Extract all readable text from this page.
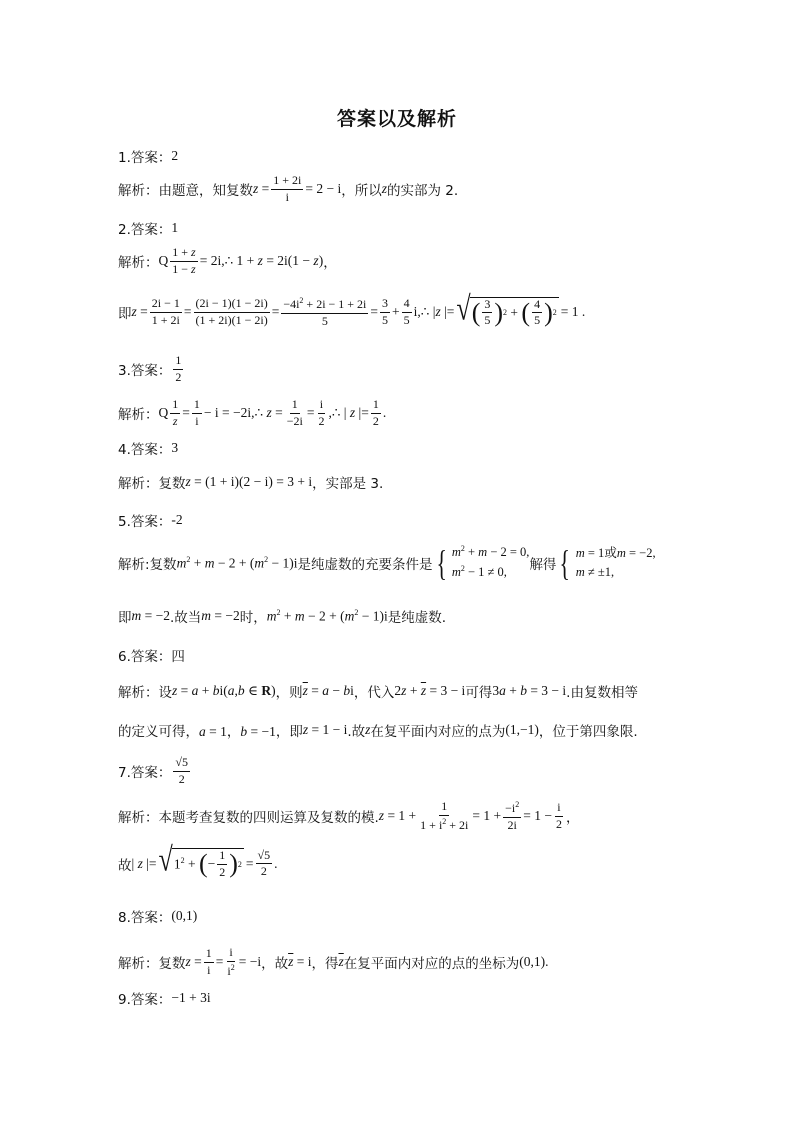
答案以及解析
1.答案： 2
解析： 由题意，知复数 $z = \frac{1 + 2i}{i} = 2 - i$ ，所以 z 的实部为 2.
2.答案： 1
解析： Q $\frac{1 + z}{1 - z} = 2i$, ∴ 1 + z = 2i(1 − z) ，
即 $z = \frac{2i - 1}{1 + 2i} = \frac{(2i - 1)(1 - 2i)}{(1 + 2i)(1 - 2i)} = \frac{-4i^2 + 2i - 1 + 2i}{5} = \frac{3}{5} + \frac{4}{5}$ i,∴ |z |= √ ( $\frac{3}{5}$ ) 2 + ( $\frac{4}{5}$ ) 2 = 1 .
3.答案： $\frac{1}{2}$
解析： Q $\frac{1}{z} = \frac{1}{i} - i = -2i$, ∴ $z = \frac{1}{-2i} = \frac{i}{2}$ ,∴ | z |= $\frac{1}{2}$ .
4.答案： 3
解析： 复数 z = (1 + i)(2 − i) = 3 + i ，实部是 3.
5.答案： -2
解析: 复数 $m^2 + m - 2 + (m^2 - 1)i$ 是纯虚数的充要条件是 { $m^2 + m - 2 = 0$,
$m^2 - 1 \ne 0$,	解得 { m = 1或m = −2,
m ≠ ±1,
即 m = −2 .故当 m = −2 时， $m^2 + m - 2 + (m^2 - 1)i$ 是纯虚数.
6.答案： 四
解析： 设 z = a + bi(a,b ∈ R) ，则 $\overline{z} = a$ − bi ，代入 $2z + \overline{z} = 3 - i$ 可得 3a + b = 3 − i .由复数相等
的定义可得， a = 1，b = −1 ，即 z = 1 − i .故 z 在复平面内对应的点为 (1,−1) ，位于第四象限.
7.答案： $\frac{√5}{2}$
解析： 本题考查复数的四则运算及复数的模. $z = 1 + \frac{1}{1 + i^2 + 2i} = 1 + \frac{-i^2}{2i} = 1 - \frac{i}{2}$ ，
故 | z |= √ $1^2$ + ( − $\frac{1}{2}$ ) $2 = \frac{√5}{2}$ .
8.答案： (0,1)
解析： 复数 $z = \frac{1}{i} = \frac{i}{i^2} = -i$ ，故 $\overline{z} = i$ ，得 $\overline{z}$ 在复平面内对应的点的坐标为 (0,1).
9.答案： −1 + 3i
